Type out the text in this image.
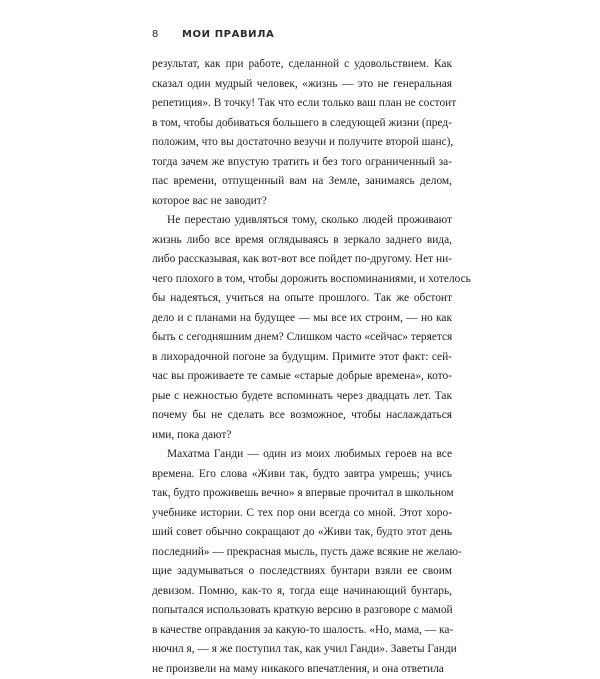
8 МОИ ПРАВИЛА
результат, как при работе, сделанной с удовольствием. Как
сказал один мудрый человек, «жизнь — это не генеральная
репетиция». В точку! Так что если только ваш план не состоит
в том, чтобы добиваться большего в следующей жизни (пред-
положим, что вы достаточно везучи и получите второй шанс),
тогда зачем же впустую тратить и без того ограниченный за-
пас времени, отпущенный вам на Земле, занимаясь делом,
которое вас не заводит?
Не перестаю удивляться тому, сколько людей проживают
жизнь либо все время оглядываясь в зеркало заднего вида,
либо рассказывая, как вот-вот все пойдет по-другому. Нет ни-
чего плохого в том, чтобы дорожить воспоминаниями, и хотелось
бы надеяться, учиться на опыте прошлого. Так же обстоит
дело и с планами на будущее — мы все их строим, — но как
быть с сегодняшним днем? Слишком часто «сейчас» теряется
в лихорадочной погоне за будущим. Примите этот факт: сей-
час вы проживаете те самые «старые добрые времена», кото-
рые с нежностью будете вспоминать через двадцать лет. Так
почему бы не сделать все возможное, чтобы наслаждаться
ими, пока дают?
Махатма Ганди — один из моих любимых героев на все
времена. Его слова «Живи так, будто завтра умрешь; учись
так, будто проживешь вечно» я впервые прочитал в школьном
учебнике истории. С тех пор они всегда со мной. Этот хоро-
ший совет обычно сокращают до «Живи так, будто этот день
последний» — прекрасная мысль, пусть даже всякие не желаю-
щие задумываться о последствиях бунтари взяли ее своим
девизом. Помню, как-то я, тогда еще начинающий бунтарь,
попытался использовать краткую версию в разговоре с мамой
в качестве оправдания за какую-то шалость. «Но, мама, — ка-
нючил я, — я же поступил так, как учил Ганди». Заветы Ганди
не произвели на маму никакого впечатления, и она ответила
